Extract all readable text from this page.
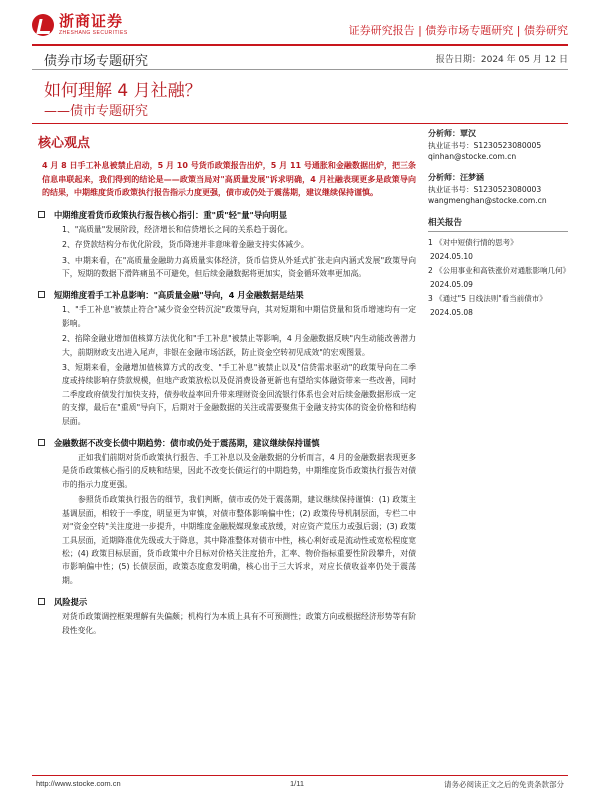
浙商证券
ZHESHANG SECURITIES	证券研究报告 | 债券市场专题研究 | 债券研究
债券市场专题研究	报告日期：2024 年 05 月 12 日
如何理解 4 月社融？
——债市专题研究
核心观点
4 月 8 日手工补息被禁止启动，5 月 10 号货币政策报告出炉，5 月 11 号通胀和金融数据出炉，把三条信息串联起来，我们得到的结论是——政策当局对"高质量发展"诉求明确，4 月社融表现更多是政策导向的结果，中期维度货币政策执行报告指示力度更强，债市或仍处于震荡期，建议继续保持谨慎。
中期维度看货币政策执行报告核心指引：重"质"轻"量"导向明显
1、"高质量"发展阶段，经济增长和信贷增长之间的关系趋于弱化。
2、存贷款结构分布优化阶段，货币降速并非意味着金融支持实体减少。
3、中期来看，在"高质量金融助力高质量实体经济，货币信贷从外延式扩张走向内涵式发展"政策导向下，短期的数据下滑阵痛虽不可避免，但后续金融数据将更加实，资金循环效率更加高。
短期维度看手工补息影响："高质量金融"导向，4 月金融数据是结果
1、"手工补息"被禁止符合"减少资金空转沉淀"政策导向，其对短期和中期信贷量和货币增速均有一定影响。
2、掐除金融业增加值核算方法优化和"手工补息"被禁止等影响，4 月金融数据反映"内生动能改善潜力大，前期财政支出进入尾声，非银在金融市场活跃，防止资金空转初见成效"的宏观图景。
3、短期来看，金融增加值核算方式的改变、"手工补息"被禁止以及"信贷需求驱动"的政策导向在二季度或持续影响存贷款规模，但地产政策放松以及促消费设备更新也有望给实体融资带来一些改善，同时二季度政府债发行加快支持，债券收益率回升带来理财资金回流银行体系也会对后续金融数据形成一定的支撑，最后在"重质"导向下，后期对于金融数据的关注或需要聚焦于金融支持实体的资金价格和结构层面。
金融数据不改变长债中期趋势：债市或仍处于震荡期，建议继续保持谨慎
正如我们前期对货币政策执行报告、手工补息以及金融数据的分析而言，4 月的金融数据表现更多是货币政策核心指引的反映和结果，因此不改变长债运行的中期趋势，中期维度货币政策执行报告对债市的指示力度更强。
参照货币政策执行报告的细节，我们判断，债市或仍处于震荡期，建议继续保持谨慎：(1) 政策主基调层面，相较于一季度，明显更为审慎，对债市整体影响偏中性；(2) 政策传导机制层面，专栏二中对"资金空转"关注度进一步提升，中期维度金融脱媒现象或放缓，对应资产荒压力或强后弱；(3) 政策工具层面，近期降准优先级或大于降息，其中降准整体对债市中性，核心利好或是流动性或宽松程度宽松；(4) 政策目标层面，货币政策中介目标对价格关注度抬升，汇率、物价指标重要性阶段攀升，对债市影响偏中性；(5) 长债层面，政策态度愈发明确，核心出于三大诉求，对应长债收益率仍处于震荡期。
风险提示
对货币政策调控框架理解有失偏颇；机构行为本质上具有不可预测性；政策方向或根据经济形势等有阶段性变化。
分析师：覃汉
执业证书号：S1230523080005
qinhan@stocke.com.cn
分析师：汪梦涵
执业证书号：S1230523080003
wangmenghan@stocke.com.cn
相关报告
1 《对中短债行情的思考》
2024.05.10
2 《公用事业和高铁涨价对通胀影响几何》
2024.05.09
3 《通过"5 日线法则"看当前债市》
2024.05.08
http://www.stocke.com.cn	1/11	请务必阅读正文之后的免责条款部分
